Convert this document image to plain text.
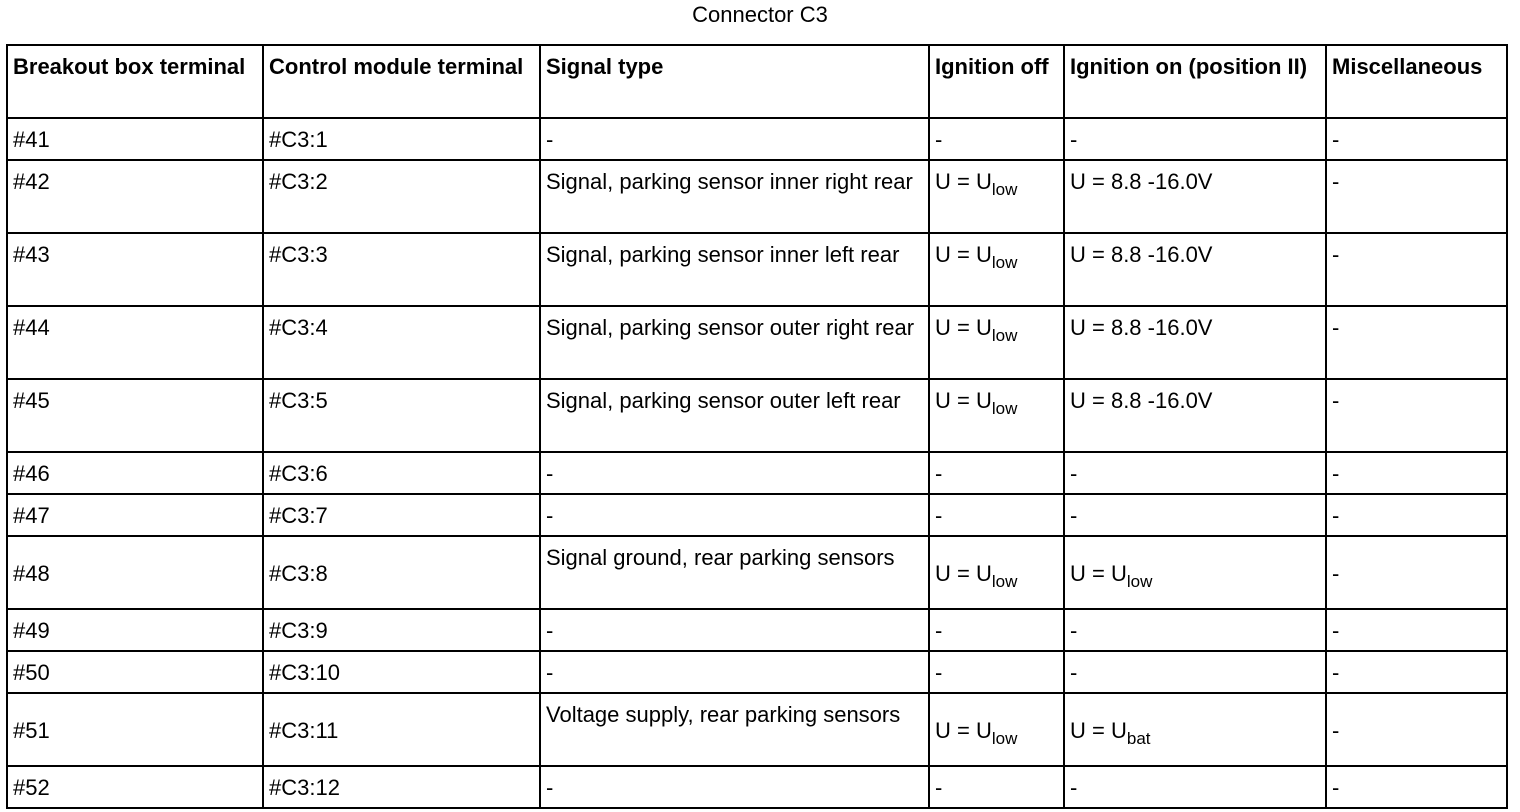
Connector C3
Breakout box terminal	Control module terminal	Signal type	Ignition off	Ignition on (position II)	Miscellaneous
#41	#C3:1	-	-	-	-
#42	#C3:2	Signal, parking sensor inner right rear	$U = U_{low}$	U = 8.8 -16.0V	-
#43	#C3:3	Signal, parking sensor inner left rear	$U = U_{low}$	U = 8.8 -16.0V	-
#44	#C3:4	Signal, parking sensor outer right rear	$U = U_{low}$	U = 8.8 -16.0V	-
#45	#C3:5	Signal, parking sensor outer left rear	$U = U_{low}$	U = 8.8 -16.0V	-
#46	#C3:6	-	-	-	-
#47	#C3:7	-	-	-	-
#48	#C3:8	Signal ground, rear parking sensors	$U = U_{low}$	$U = U_{low}$	-
#49	#C3:9	-	-	-	-
#50	#C3:10	-	-	-	-
#51	#C3:11	Voltage supply, rear parking sensors	$U = U_{low}$	$U = U_{bat}$	-
#52	#C3:12	-	-	-	-
